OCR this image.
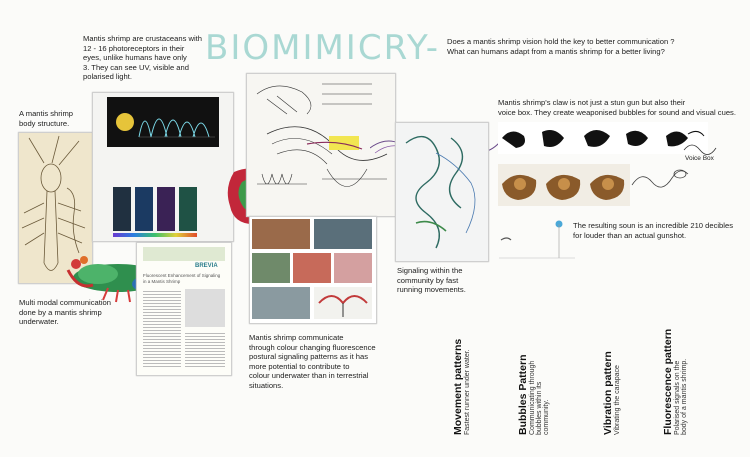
BIOMIMICRY- Does a mantis shrimp vision hold the key to better communication ?
What can humans adapt from a mantis shrimp for a better living?
Mantis shrimp are crustaceans with
12 - 16 photoreceptors in their
eyes, unlike humans have only
3. They can see UV, visible and
polarised light.
A mantis shrimp
body structure.
Multi modal communication
done by a mantis shrimp
underwater.
BREVIA
Fluorescent Enhancement of Signaling in a Mantis Shrimp
Mantis shrimp communicate
through colour changing fluorescence
postural signaling patterns as it has
more potential to contribute to
colour underwater than in terrestrial
situations.
Signaling within the
community by fast
running movements.
Mantis shrimp's claw is not just a stun gun but also their
voice box. They create weaponised bubbles for sound and visual cues.
Voice Box
The resulting soun is an incredible 210 decibles
for louder than an actual gunshot.
Movement patterns Fastest runner under water.	Bubbles Pattern Communicating through bubbles within its community.	Vibration pattern Vibrating the carapace	Fluorescence pattern Polarised signals on the body of a mantis shrimp.
